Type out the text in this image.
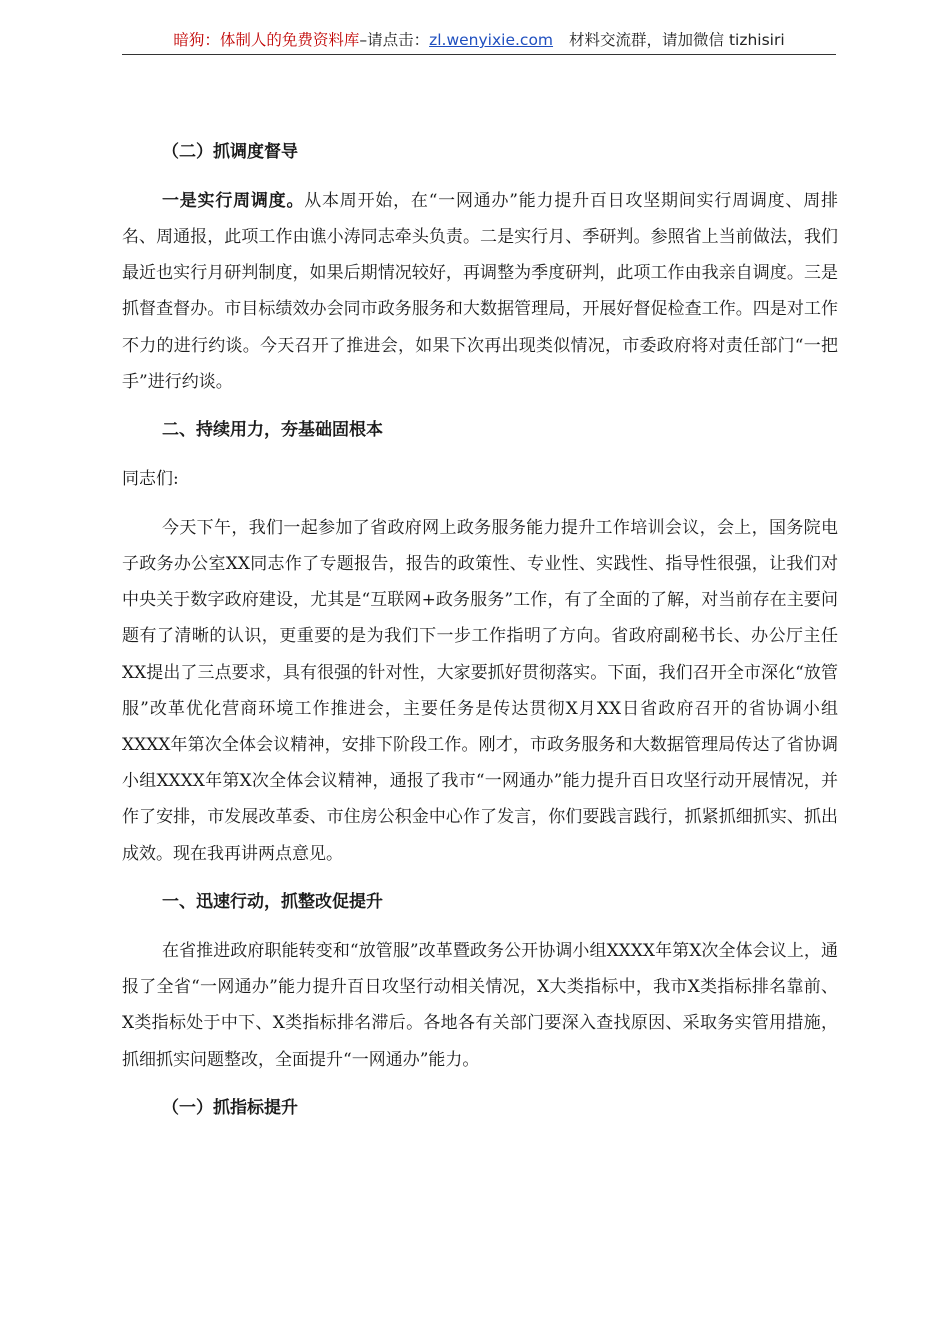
暗狗：体制人的免费资料库–请点击：zl.wenyixie.com 材料交流群，请加微信 tizhisiri

（二）抓调度督导

一是实行周调度。从本周开始，在“一网通办”能力提升百日攻坚期间实行周调度、周排名、周通报，此项工作由谯小涛同志牵头负责。二是实行月、季研判。参照省上当前做法，我们最近也实行月研判制度，如果后期情况较好，再调整为季度研判，此项工作由我亲自调度。三是抓督查督办。市目标绩效办会同市政务服务和大数据管理局，开展好督促检查工作。四是对工作不力的进行约谈。今天召开了推进会，如果下次再出现类似情况，市委政府将对责任部门“一把手”进行约谈。

二、持续用力，夯基础固根本

同志们:

今天下午，我们一起参加了省政府网上政务服务能力提升工作培训会议，会上，国务院电子政务办公室XX同志作了专题报告，报告的政策性、专业性、实践性、指导性很强，让我们对中央关于数字政府建设，尤其是“互联网+政务服务”工作，有了全面的了解，对当前存在主要问题有了清晰的认识，更重要的是为我们下一步工作指明了方向。省政府副秘书长、办公厅主任XX提出了三点要求，具有很强的针对性，大家要抓好贯彻落实。下面，我们召开全市深化“放管服”改革优化营商环境工作推进会，主要任务是传达贯彻X月XX日省政府召开的省协调小组XXXX年第次全体会议精神，安排下阶段工作。刚才，市政务服务和大数据管理局传达了省协调小组XXXX年第X次全体会议精神，通报了我市“一网通办”能力提升百日攻坚行动开展情况，并作了安排，市发展改革委、市住房公积金中心作了发言，你们要践言践行，抓紧抓细抓实、抓出成效。现在我再讲两点意见。

一、迅速行动，抓整改促提升

在省推进政府职能转变和“放管服”改革暨政务公开协调小组XXXX年第X次全体会议上，通报了全省“一网通办”能力提升百日攻坚行动相关情况，X大类指标中，我市X类指标排名靠前、X类指标处于中下、X类指标排名滞后。各地各有关部门要深入查找原因、采取务实管用措施，抓细抓实问题整改，全面提升“一网通办”能力。

（一）抓指标提升
